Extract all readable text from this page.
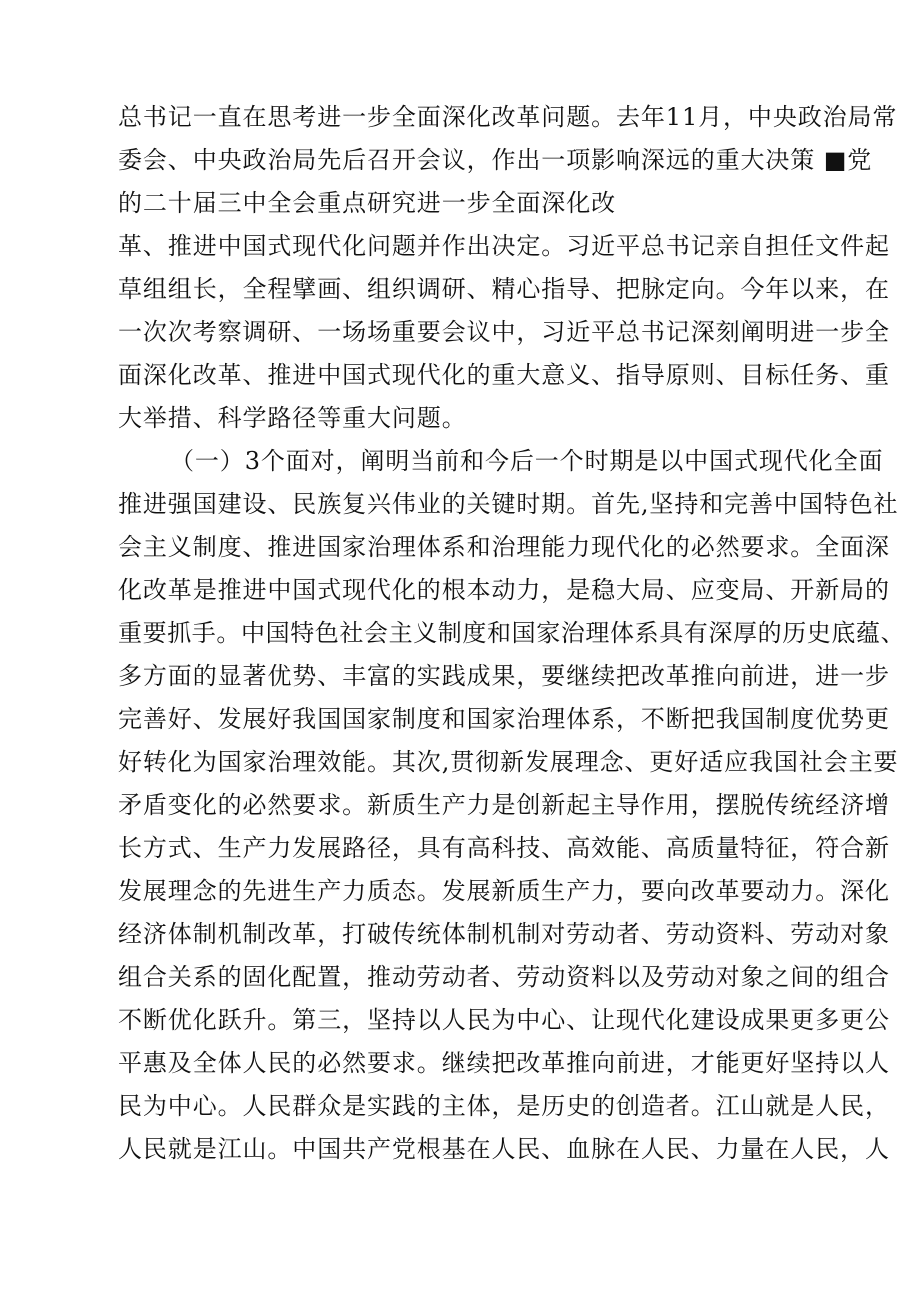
总书记一直在思考进一步全面深化改革问题。去年11月，中央政治局常
委会、中央政治局先后召开会议，作出一项影响深远的重大决策 ■党
的二十届三中全会重点研究进一步全面深化改
革、推进中国式现代化问题并作出决定。习近平总书记亲自担任文件起
草组组长，全程擘画、组织调研、精心指导、把脉定向。今年以来，在
一次次考察调研、一场场重要会议中，习近平总书记深刻阐明进一步全
面深化改革、推进中国式现代化的重大意义、指导原则、目标任务、重
大举措、科学路径等重大问题。
（一）3个面对，阐明当前和今后一个时期是以中国式现代化全面
推进强国建设、民族复兴伟业的关键时期。首先,坚持和完善中国特色社
会主义制度、推进国家治理体系和治理能力现代化的必然要求。全面深
化改革是推进中国式现代化的根本动力，是稳大局、应变局、开新局的
重要抓手。中国特色社会主义制度和国家治理体系具有深厚的历史底蕴、
多方面的显著优势、丰富的实践成果，要继续把改革推向前进，进一步
完善好、发展好我国国家制度和国家治理体系，不断把我国制度优势更
好转化为国家治理效能。其次,贯彻新发展理念、更好适应我国社会主要
矛盾变化的必然要求。新质生产力是创新起主导作用，摆脱传统经济增
长方式、生产力发展路径，具有高科技、高效能、高质量特征，符合新
发展理念的先进生产力质态。发展新质生产力，要向改革要动力。深化
经济体制机制改革，打破传统体制机制对劳动者、劳动资料、劳动对象
组合关系的固化配置，推动劳动者、劳动资料以及劳动对象之间的组合
不断优化跃升。第三，坚持以人民为中心、让现代化建设成果更多更公
平惠及全体人民的必然要求。继续把改革推向前进，才能更好坚持以人
民为中心。人民群众是实践的主体，是历史的创造者。江山就是人民，
人民就是江山。中国共产党根基在人民、血脉在人民、力量在人民，人
